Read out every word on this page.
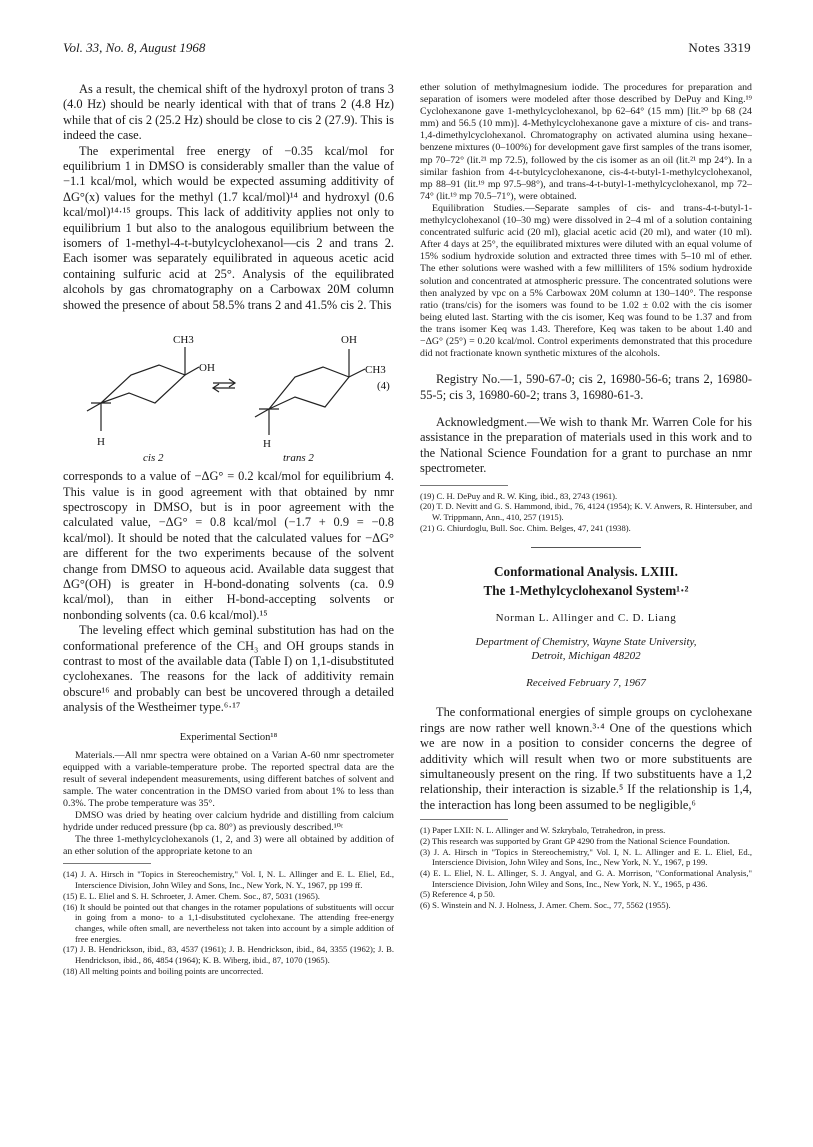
Vol. 33, No. 8, August 1968	Notes 3319

As a result, the chemical shift of the hydroxyl proton of trans 3 (4.0 Hz) should be nearly identical with that of trans 2 (4.8 Hz) while that of cis 2 (25.2 Hz) should be close to cis 2 (27.9). This is indeed the case.

The experimental free energy of −0.35 kcal/mol for equilibrium 1 in DMSO is considerably smaller than the value of −1.1 kcal/mol, which would be expected assuming additivity of ΔG°(x) values for the methyl (1.7 kcal/mol)¹⁴ and hydroxyl (0.6 kcal/mol)¹⁴·¹⁵ groups. This lack of additivity applies not only to equilibrium 1 but also to the analogous equilibrium between the isomers of 1-methyl-4-t-butylcyclohexanol—cis 2 and trans 2. Each isomer was separately equilibrated in aqueous acetic acid containing sulfuric acid at 25°. Analysis of the equilibrated alcohols by gas chromatography on a Carbowax 20M column showed the presence of about 58.5% trans 2 and 41.5% cis 2. This

CH3
OH
H
cis 2
OH
CH3
H
trans 2
(4)

corresponds to a value of −ΔG° = 0.2 kcal/mol for equilibrium 4. This value is in good agreement with that obtained by nmr spectroscopy in DMSO, but is in poor agreement with the calculated value, −ΔG° = 0.8 kcal/mol (−1.7 + 0.9 = −0.8 kcal/mol). It should be noted that the calculated values for −ΔG° are different for the two experiments because of the solvent change from DMSO to aqueous acid. Available data suggest that ΔG°(OH) is greater in H-bond-donating solvents (ca. 0.9 kcal/mol), than in either H-bond-accepting solvents or nonbonding solvents (ca. 0.6 kcal/mol).¹⁵

The leveling effect which geminal substitution has had on the conformational preference of the CH₃ and OH groups stands in contrast to most of the available data (Table I) on 1,1-disubstituted cyclohexanes. The reasons for the lack of additivity remain obscure¹⁶ and probably can best be uncovered through a detailed analysis of the Westheimer type.⁶·¹⁷

Experimental Section¹⁸

Materials.—All nmr spectra were obtained on a Varian A-60 nmr spectrometer equipped with a variable-temperature probe. The reported spectral data are the result of several independent measurements, using different batches of solvent and sample. The water concentration in the DMSO varied from about 1% to less than 0.3%. The probe temperature was 35°.

DMSO was dried by heating over calcium hydride and distilling from calcium hydride under reduced pressure (bp ca. 80°) as previously described.¹⁰ᶜ

The three 1-methylcyclohexanols (1, 2, and 3) were all obtained by addition of an ether solution of the appropriate ketone to an

(14) J. A. Hirsch in "Topics in Stereochemistry," Vol. I, N. L. Allinger and E. L. Eliel, Ed., Interscience Division, John Wiley and Sons, Inc., New York, N. Y., 1967, pp 199 ff.

(15) E. L. Eliel and S. H. Schroeter, J. Amer. Chem. Soc., 87, 5031 (1965).

(16) It should be pointed out that changes in the rotamer populations of substituents will occur in going from a mono- to a 1,1-disubstituted cyclohexane. The attending free-energy changes, while often small, are nevertheless not taken into account by a simple addition of free energies.

(17) J. B. Hendrickson, ibid., 83, 4537 (1961); J. B. Hendrickson, ibid., 84, 3355 (1962); J. B. Hendrickson, ibid., 86, 4854 (1964); K. B. Wiberg, ibid., 87, 1070 (1965).

(18) All melting points and boiling points are uncorrected.

ether solution of methylmagnesium iodide. The procedures for preparation and separation of isomers were modeled after those described by DePuy and King.¹⁹ Cyclohexanone gave 1-methylcyclohexanol, bp 62–64° (15 mm) [lit.²⁰ bp 68 (24 mm) and 56.5 (10 mm)]. 4-Methylcyclohexanone gave a mixture of cis- and trans-1,4-dimethylcyclohexanol. Chromatography on activated alumina using hexane–benzene mixtures (0–100%) for development gave first samples of the trans isomer, mp 70–72° (lit.²¹ mp 72.5), followed by the cis isomer as an oil (lit.²¹ mp 24°). In a similar fashion from 4-t-butylcyclohexanone, cis-4-t-butyl-1-methylcyclohexanol, mp 88–91 (lit.¹⁹ mp 97.5–98°), and trans-4-t-butyl-1-methylcyclohexanol, mp 72–74° (lit.¹⁹ mp 70.5–71°), were obtained.

Equilibration Studies.—Separate samples of cis- and trans-4-t-butyl-1-methylcyclohexanol (10–30 mg) were dissolved in 2–4 ml of a solution containing concentrated sulfuric acid (20 ml), glacial acetic acid (20 ml), and water (10 ml). After 4 days at 25°, the equilibrated mixtures were diluted with an equal volume of 15% sodium hydroxide solution and extracted three times with 5–10 ml of ether. The ether solutions were washed with a few milliliters of 15% sodium hydroxide solution and concentrated at atmospheric pressure. The concentrated solutions were then analyzed by vpc on a 5% Carbowax 20M column at 130–140°. The response ratio (trans/cis) for the isomers was found to be 1.02 ± 0.02 with the cis isomer being eluted last. Starting with the cis isomer, Keq was found to be 1.37 and from the trans isomer Keq was 1.43. Therefore, Keq was taken to be about 1.40 and −ΔG° (25°) = 0.20 kcal/mol. Control experiments demonstrated that this procedure did not fractionate known synthetic mixtures of the alcohols.

Registry No.—1, 590-67-0; cis 2, 16980-56-6; trans 2, 16980-55-5; cis 3, 16980-60-2; trans 3, 16980-61-3.

Acknowledgment.—We wish to thank Mr. Warren Cole for his assistance in the preparation of materials used in this work and to the National Science Foundation for a grant to purchase an nmr spectrometer.

(19) C. H. DePuy and R. W. King, ibid., 83, 2743 (1961).

(20) T. D. Nevitt and G. S. Hammond, ibid., 76, 4124 (1954); K. V. Anwers, R. Hintersuber, and W. Trippmann, Ann., 410, 257 (1915).

(21) G. Chiurdoglu, Bull. Soc. Chim. Belges, 47, 241 (1938).

Conformational Analysis. LXIII.
The 1-Methylcyclohexanol System¹·²
Norman L. Allinger and C. D. Liang
Department of Chemistry, Wayne State University,
Detroit, Michigan 48202
Received February 7, 1967

The conformational energies of simple groups on cyclohexane rings are now rather well known.³·⁴ One of the questions which we are now in a position to consider concerns the degree of additivity which will result when two or more substituents are simultaneously present on the ring. If two substituents have a 1,2 relationship, their interaction is sizable.⁵ If the relationship is 1,4, the interaction has long been assumed to be negligible,⁶

(1) Paper LXII: N. L. Allinger and W. Szkrybalo, Tetrahedron, in press.

(2) This research was supported by Grant GP 4290 from the National Science Foundation.

(3) J. A. Hirsch in "Topics in Stereochemistry," Vol. I, N. L. Allinger and E. L. Eliel, Ed., Interscience Division, John Wiley and Sons, Inc., New York, N. Y., 1967, p 199.

(4) E. L. Eliel, N. L. Allinger, S. J. Angyal, and G. A. Morrison, "Conformational Analysis," Interscience Division, John Wiley and Sons, Inc., New York, N. Y., 1965, p 436.

(5) Reference 4, p 50.

(6) S. Winstein and N. J. Holness, J. Amer. Chem. Soc., 77, 5562 (1955).
